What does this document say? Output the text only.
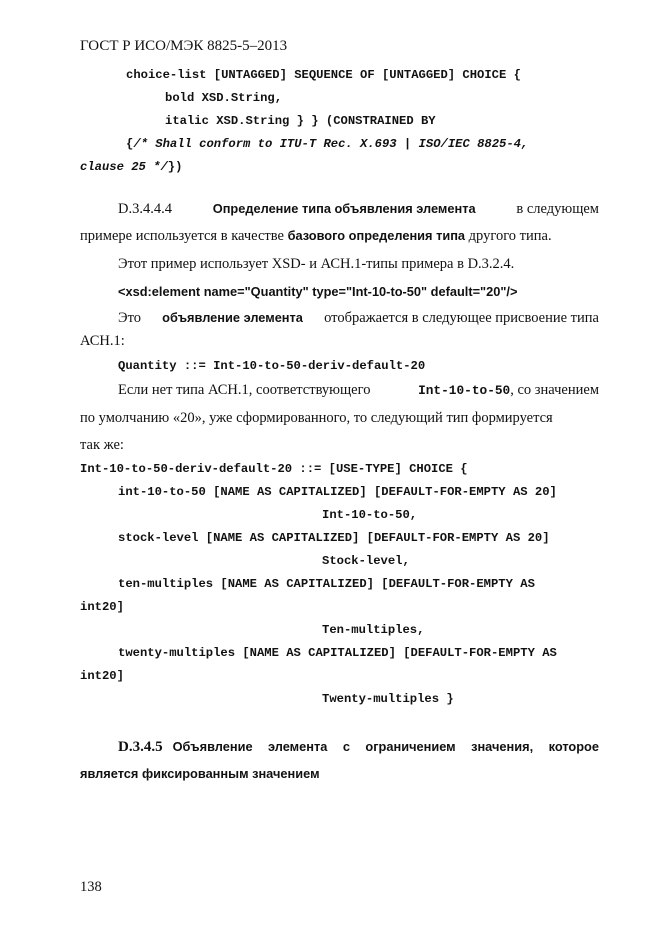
ГОСТ Р ИСО/МЭК 8825-5–2013
choice-list [UNTAGGED] SEQUENCE OF [UNTAGGED] CHOICE {
bold XSD.String,
italic XSD.String } } (CONSTRAINED BY
{/* Shall conform to ITU-T Rec. X.693 | ISO/IEC 8825-4,
clause 25 */})
D.3.4.4.4	Определение типа объявления элемента	в следующем
примере используется в качестве базового определения типа другого типа.
Этот пример использует XSD- и АСН.1-типы примера в D.3.2.4.
<xsd:element name="Quantity" type="Int-10-to-50" default="20"/>
Это объявление элемента отображается в следующее присвоение типа
АСН.1:
Quantity ::= Int-10-to-50-deriv-default-20
Если нет типа АСН.1, соответствующего	Int-10-to-50, со значением
по умолчанию «20», уже сформированного, то следующий тип формируется
так же:
Int-10-to-50-deriv-default-20 ::= [USE-TYPE] CHOICE {
int-10-to-50 [NAME AS CAPITALIZED] [DEFAULT-FOR-EMPTY AS 20]
Int-10-to-50,
stock-level [NAME AS CAPITALIZED] [DEFAULT-FOR-EMPTY AS 20]
Stock-level,
ten-multiples [NAME AS CAPITALIZED] [DEFAULT-FOR-EMPTY AS
int20]
Ten-multiples,
twenty-multiples [NAME AS CAPITALIZED] [DEFAULT-FOR-EMPTY AS
int20]
Twenty-multiples }
D.3.4.5 Объявление элемента с ограничением значения, которое
является фиксированным значением
138
